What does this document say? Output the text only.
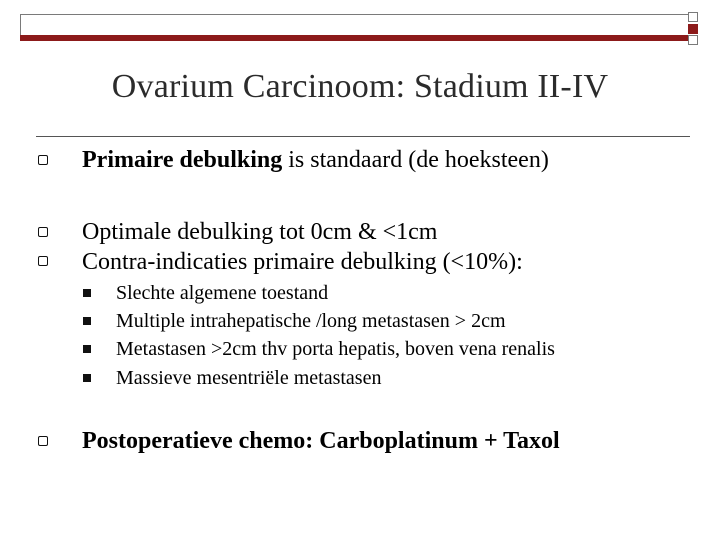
Ovarium Carcinoom: Stadium II-IV
Primaire debulking is standaard (de hoeksteen)
Optimale debulking tot 0cm & <1cm
Contra-indicaties primaire debulking (<10%):
Slechte algemene toestand
Multiple intrahepatische /long metastasen > 2cm
Metastasen >2cm thv porta hepatis, boven vena renalis
Massieve mesentriële metastasen
Postoperatieve chemo: Carboplatinum + Taxol
